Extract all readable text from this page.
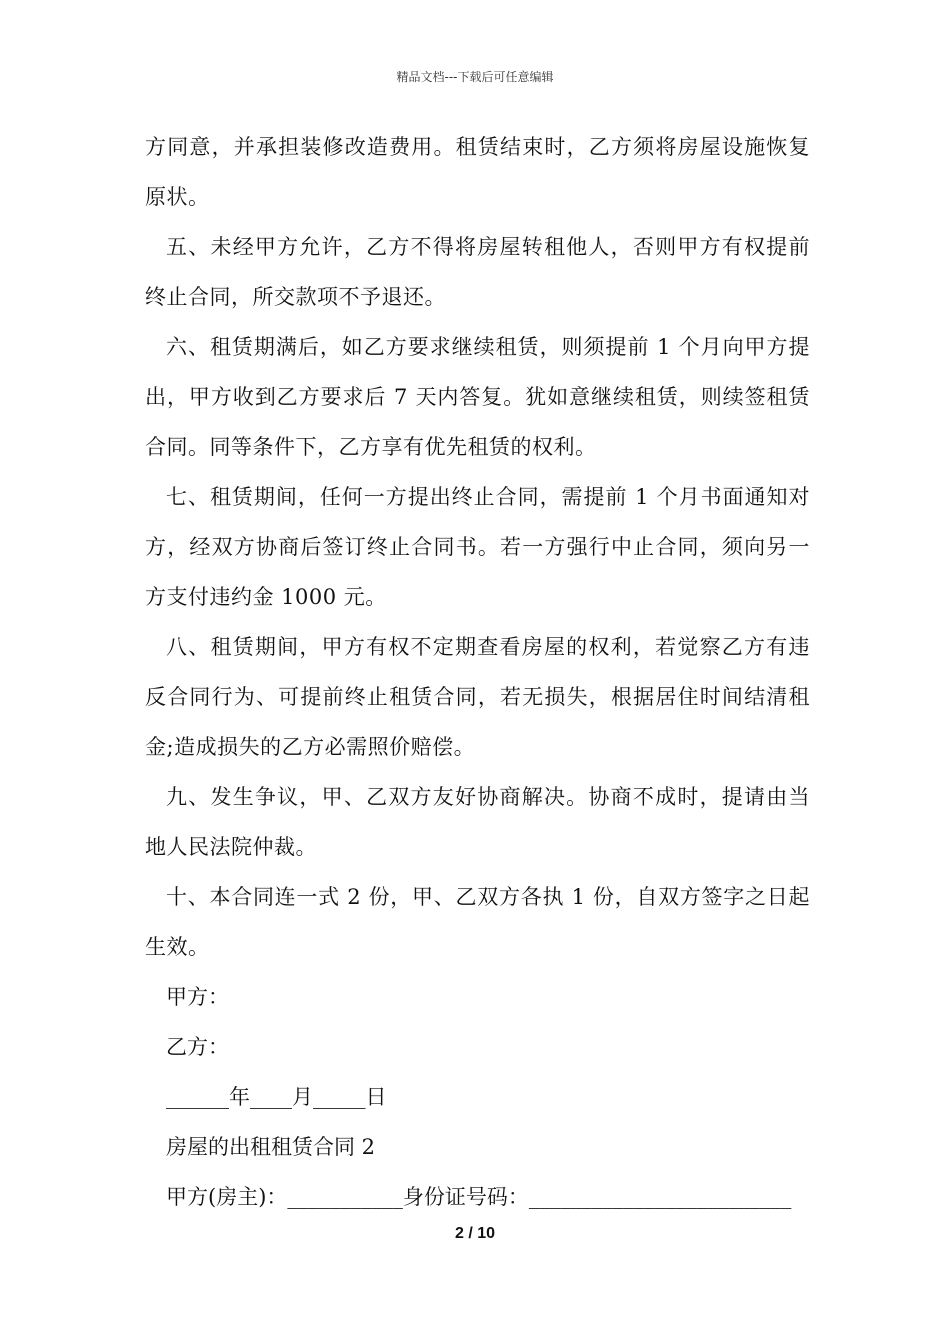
精品文档---下载后可任意编辑

方同意，并承担装修改造费用。租赁结束时，乙方须将房屋设施恢复原状。

五、未经甲方允许，乙方不得将房屋转租他人，否则甲方有权提前终止合同，所交款项不予退还。

六、租赁期满后，如乙方要求继续租赁，则须提前 1 个月向甲方提出，甲方收到乙方要求后 7 天内答复。犹如意继续租赁，则续签租赁合同。同等条件下，乙方享有优先租赁的权利。

七、租赁期间，任何一方提出终止合同，需提前 1 个月书面通知对方，经双方协商后签订终止合同书。若一方强行中止合同，须向另一方支付违约金 1000 元。

八、租赁期间，甲方有权不定期查看房屋的权利，若觉察乙方有违反合同行为、可提前终止租赁合同，若无损失，根据居住时间结清租金;造成损失的乙方必需照价赔偿。

九、发生争议，甲、乙双方友好协商解决。协商不成时，提请由当地人民法院仲裁。

十、本合同连一式 2 份，甲、乙双方各执 1 份，自双方签字之日起生效。

甲方：

乙方：

______年____月_____日

房屋的出租租赁合同 2

甲方(房主)：___________身份证号码：_________________________

2 / 10
